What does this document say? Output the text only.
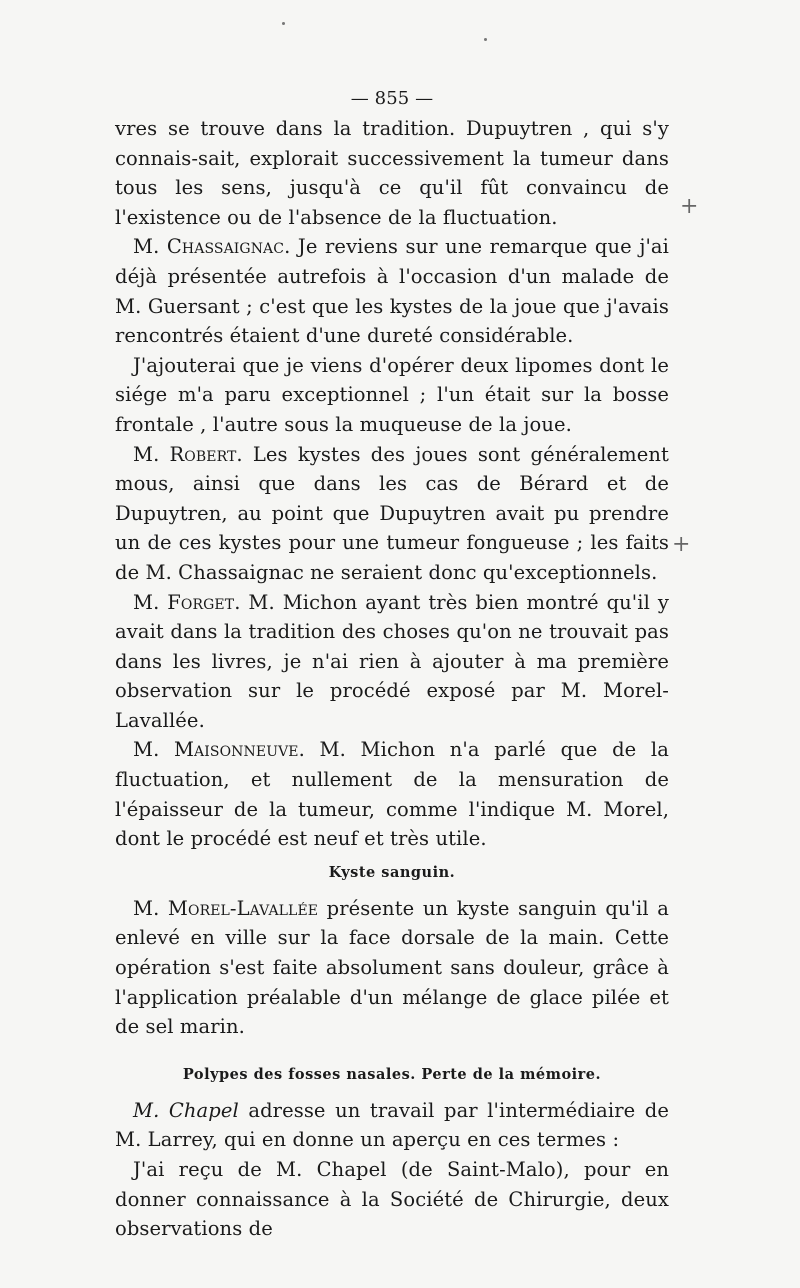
— 855 —

vres se trouve dans la tradition. Dupuytren , qui s'y connais-sait, explorait successivement la tumeur dans tous les sens, jusqu'à ce qu'il fût convaincu de l'existence ou de l'absence de la fluctuation.

M. Chassaignac. Je reviens sur une remarque que j'ai déjà présentée autrefois à l'occasion d'un malade de M. Guersant ; c'est que les kystes de la joue que j'avais rencontrés étaient d'une dureté considérable.

J'ajouterai que je viens d'opérer deux lipomes dont le siége m'a paru exceptionnel ; l'un était sur la bosse frontale , l'autre sous la muqueuse de la joue.

M. Robert. Les kystes des joues sont généralement mous, ainsi que dans les cas de Bérard et de Dupuytren, au point que Dupuytren avait pu prendre un de ces kystes pour une tumeur fongueuse ; les faits de M. Chassaignac ne seraient donc qu'exceptionnels.

M. Forget. M. Michon ayant très bien montré qu'il y avait dans la tradition des choses qu'on ne trouvait pas dans les livres, je n'ai rien à ajouter à ma première observation sur le procédé exposé par M. Morel-Lavallée.

M. Maisonneuve. M. Michon n'a parlé que de la fluctuation, et nullement de la mensuration de l'épaisseur de la tumeur, comme l'indique M. Morel, dont le procédé est neuf et très utile.

Kyste sanguin.

M. Morel-Lavallée présente un kyste sanguin qu'il a enlevé en ville sur la face dorsale de la main. Cette opération s'est faite absolument sans douleur, grâce à l'application préalable d'un mélange de glace pilée et de sel marin.

Polypes des fosses nasales. Perte de la mémoire.

M. Chapel adresse un travail par l'intermédiaire de M. Larrey, qui en donne un aperçu en ces termes :

J'ai reçu de M. Chapel (de Saint-Malo), pour en donner connaissance à la Société de Chirurgie, deux observations de

+
+
